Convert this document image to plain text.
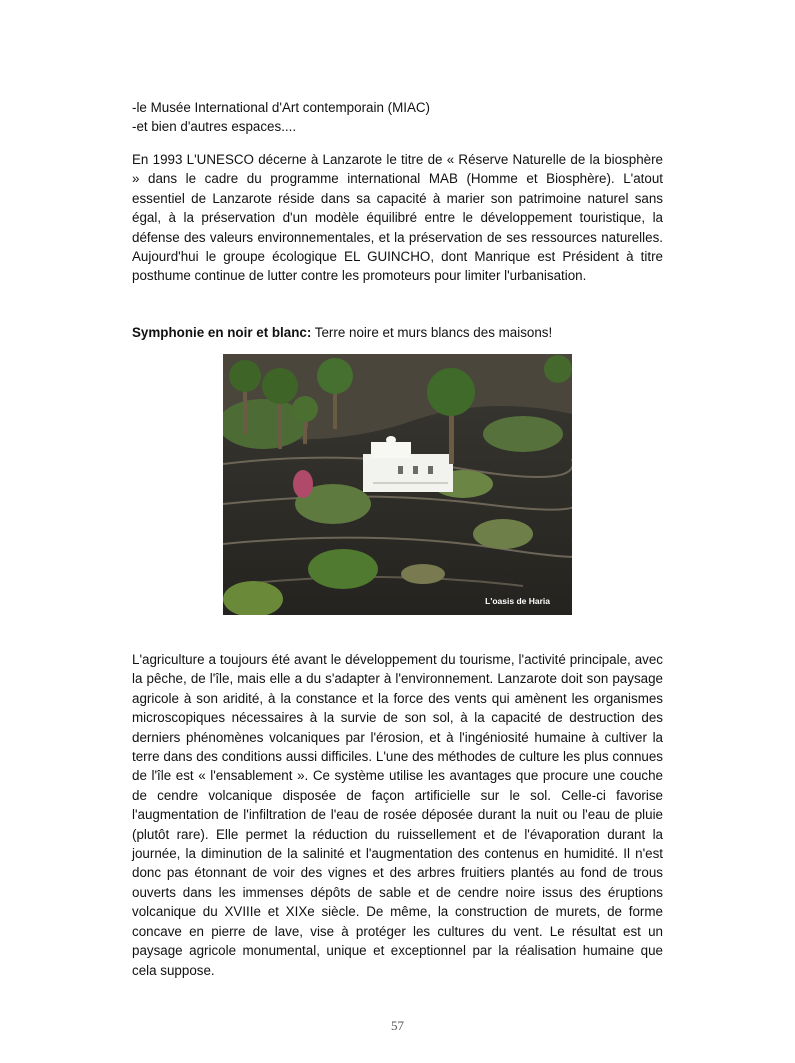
-le Musée International d'Art contemporain (MIAC)
-et bien d'autres espaces....

En 1993 L'UNESCO décerne à Lanzarote le titre de « Réserve Naturelle de la biosphère » dans le cadre du programme international MAB (Homme et Biosphère). L'atout essentiel de Lanzarote réside dans sa capacité à marier son patrimoine naturel sans égal, à la préservation d'un modèle équilibré entre le développement touristique, la défense des valeurs environnementales, et la préservation de ses ressources naturelles. Aujourd'hui le groupe écologique EL GUINCHO, dont Manrique est Président à titre posthume continue de lutter contre les promoteurs pour limiter l'urbanisation.

Symphonie en noir et blanc: Terre noire et murs blancs des maisons!
L'oasis de Haria

L'agriculture a toujours été avant le développement du tourisme, l'activité principale, avec la pêche, de l'île, mais elle a du s'adapter à l'environnement. Lanzarote doit son paysage agricole à son aridité, à la constance et la force des vents qui amènent les organismes microscopiques nécessaires à la survie de son sol, à la capacité de destruction des derniers phénomènes volcaniques par l'érosion, et à l'ingéniosité humaine à cultiver la terre dans des conditions aussi difficiles. L'une des méthodes de culture les plus connues de l'île est « l'ensablement ». Ce système utilise les avantages que procure une couche de cendre volcanique disposée de façon artificielle sur le sol. Celle-ci favorise l'augmentation de l'infiltration de l'eau de rosée déposée durant la nuit ou l'eau de pluie (plutôt rare). Elle permet la réduction du ruissellement et de l'évaporation durant la journée, la diminution de la salinité et l'augmentation des contenus en humidité. Il n'est donc pas étonnant de voir des vignes et des arbres fruitiers plantés au fond de trous ouverts dans les immenses dépôts de sable et de cendre noire issus des éruptions volcanique du XVIIIe et XIXe siècle. De même, la construction de murets, de forme concave en pierre de lave, vise à protéger les cultures du vent. Le résultat est un paysage agricole monumental, unique et exceptionnel par la réalisation humaine que cela suppose.

57
